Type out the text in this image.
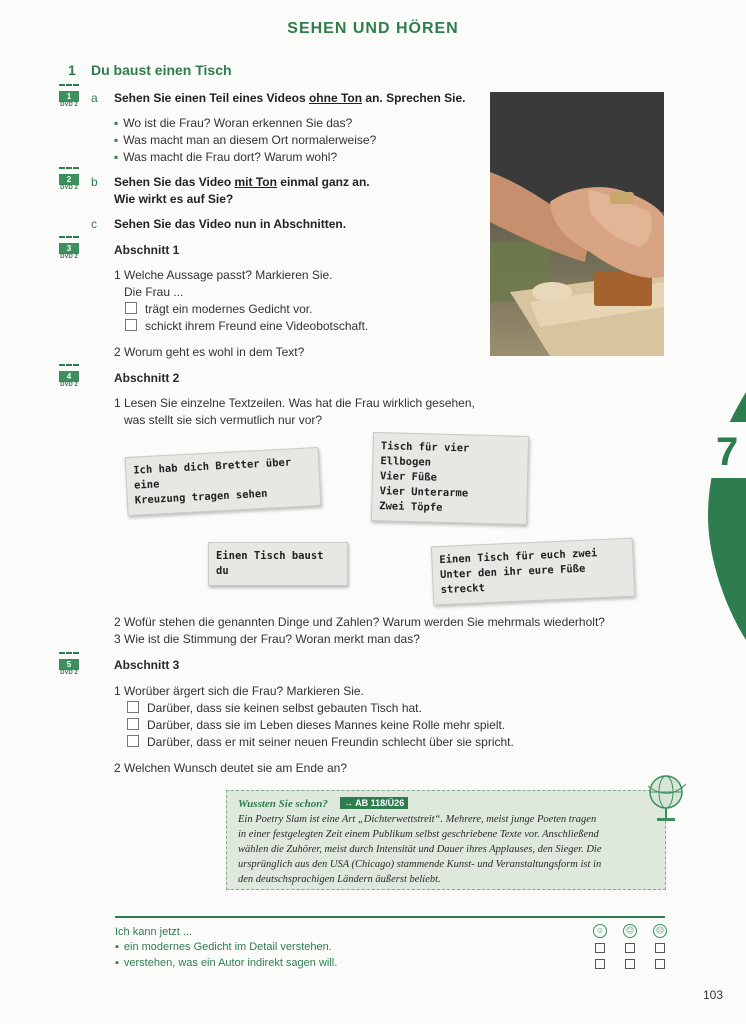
SEHEN UND HÖREN
1 Du baust einen Tisch
1
DVD 2
2
DVD 2
3
DVD 2
4
DVD 2
5
DVD 2
a Sehen Sie einen Teil eines Videos ohne Ton an. Sprechen Sie.
▪ Wo ist die Frau? Woran erkennen Sie das?
▪ Was macht man an diesem Ort normalerweise?
▪ Was macht die Frau dort? Warum wohl?
b Sehen Sie das Video mit Ton einmal ganz an.
Wie wirkt es auf Sie?
c Sehen Sie das Video nun in Abschnitten.
Abschnitt 1
1 Welche Aussage passt? Markieren Sie.
Die Frau ...
trägt ein modernes Gedicht vor.
schickt ihrem Freund eine Videobotschaft.
2 Worum geht es wohl in dem Text?
Abschnitt 2
1 Lesen Sie einzelne Textzeilen. Was hat die Frau wirklich gesehen,
was stellt sie sich vermutlich nur vor?
Ich hab dich Bretter über eine
Kreuzung tragen sehen
Tisch für vier Ellbogen
Vier Füße
Vier Unterarme
Zwei Töpfe
Einen Tisch baust du
Einen Tisch für euch zwei
Unter den ihr eure Füße streckt
2 Wofür stehen die genannten Dinge und Zahlen? Warum werden Sie mehrmals wiederholt?
3 Wie ist die Stimmung der Frau? Woran merkt man das?
Abschnitt 3
1 Worüber ärgert sich die Frau? Markieren Sie.
Darüber, dass sie keinen selbst gebauten Tisch hat.
Darüber, dass sie im Leben dieses Mannes keine Rolle mehr spielt.
Darüber, dass er mit seiner neuen Freundin schlecht über sie spricht.
2 Welchen Wunsch deutet sie am Ende an?
Wussten Sie schon?	→ AB 118/Ü26
Ein Poetry Slam ist eine Art „Dichterwettstreit“. Mehrere, meist junge Poeten tragen
in einer festgelegten Zeit einem Publikum selbst geschriebene Texte vor. Anschließend
wählen die Zuhörer, meist durch Intensität und Dauer ihres Applauses, den Sieger. Die
ursprünglich aus den USA (Chicago) stammende Kunst- und Veranstaltungsform ist in
den deutschsprachigen Ländern äußerst beliebt.
Ich kann jetzt ...
▪ ein modernes Gedicht im Detail verstehen.
▪ verstehen, was ein Autor indirekt sagen will.
☺	😐	☹
7
103
